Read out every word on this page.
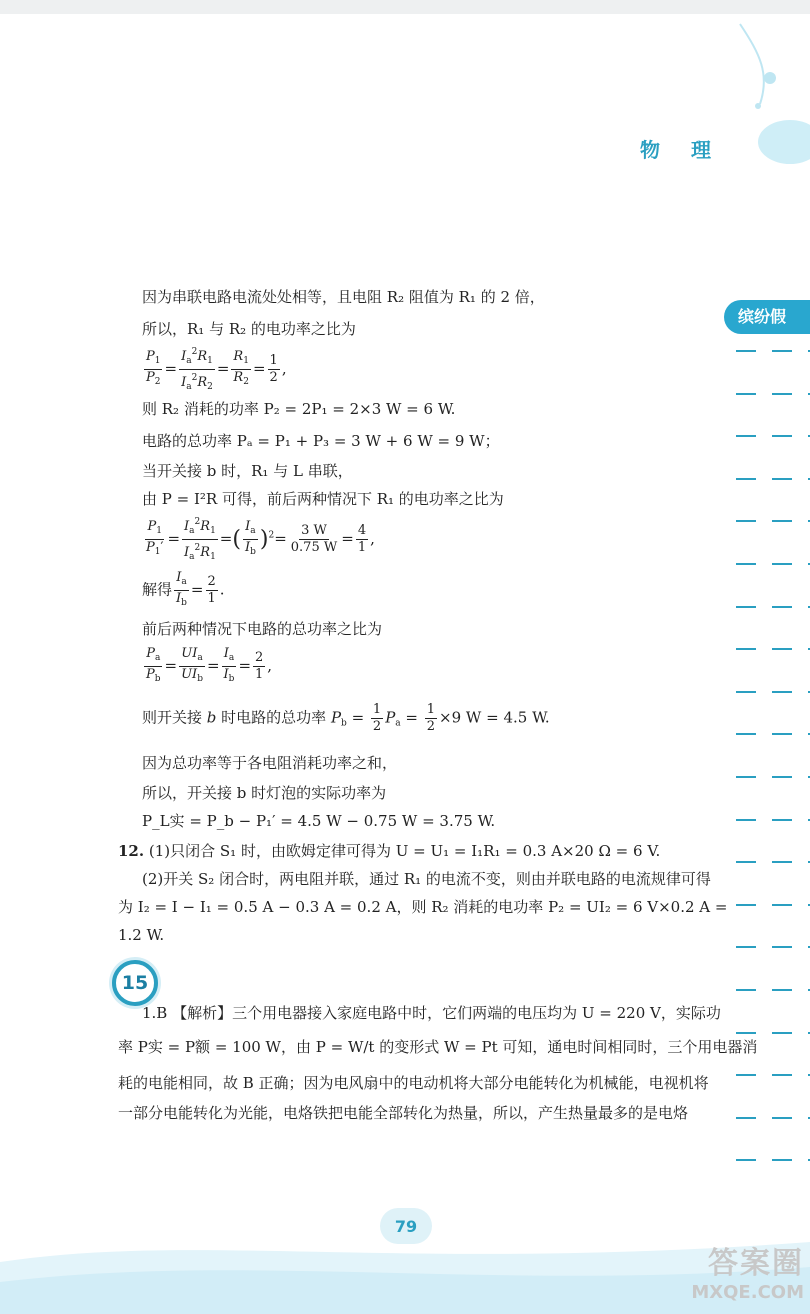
物 理
缤纷假
因为串联电路电流处处相等，且电阻 R₂ 阻值为 R₁ 的 2 倍，
所以，R₁ 与 R₂ 的电功率之比为
$\frac{P_1}{P_2} = \frac{I_a^2R_1}{I_a^2R_2} = \frac{R_1}{R_2} = \frac{1}{2}$ ,
则 R₂ 消耗的功率 P₂ = 2P₁ = 2×3 W = 6 W.
电路的总功率 Pₐ = P₁ + P₃ = 3 W + 6 W = 9 W；
当开关接 b 时，R₁ 与 L 串联，
由 P = I²R 可得，前后两种情况下 R₁ 的电功率之比为
$\frac{P_1}{P_1'} = \frac{I_a^2R_1}{I_a^2R_1}$ =( $\frac{I_a}{I_b} )^2= \frac{3 W}{0.75 W} = \frac{4}{1}$ ,
解得 $\frac{I_a}{I_b} = \frac{2}{1}$ .
前后两种情况下电路的总功率之比为
$\frac{P_a}{P_b} = \frac{UI_a}{UI_b} = \frac{I_a}{I_b} = \frac{2}{1}$ ,
则开关接 b 时电路的总功率 $P_b = \frac{1}{2} P_a = \frac{1}{2} \times 9$ W = 4.5 W.
因为总功率等于各电阻消耗功率之和，
所以，开关接 b 时灯泡的实际功率为
P_L实 = P_b − P₁′ = 4.5 W − 0.75 W = 3.75 W.
12. (1)只闭合 S₁ 时，由欧姆定律可得为 U = U₁ = I₁R₁ = 0.3 A×20 Ω = 6 V.
(2)开关 S₂ 闭合时，两电阻并联，通过 R₁ 的电流不变，则由并联电路的电流规律可得
为 I₂ = I − I₁ = 0.5 A − 0.3 A = 0.2 A，则 R₂ 消耗的电功率 P₂ = UI₂ = 6 V×0.2 A =
1.2 W.
1.B 【解析】三个用电器接入家庭电路中时，它们两端的电压均为 U = 220 V，实际功
率 P实 = P额 = 100 W，由 P = W/t 的变形式 W = Pt 可知，通电时间相同时，三个用电器消
耗的电能相同，故 B 正确；因为电风扇中的电动机将大部分电能转化为机械能，电视机将
一部分电能转化为光能，电烙铁把电能全部转化为热量，所以，产生热量最多的是电烙
15
79
答案圈
MXQE.COM
